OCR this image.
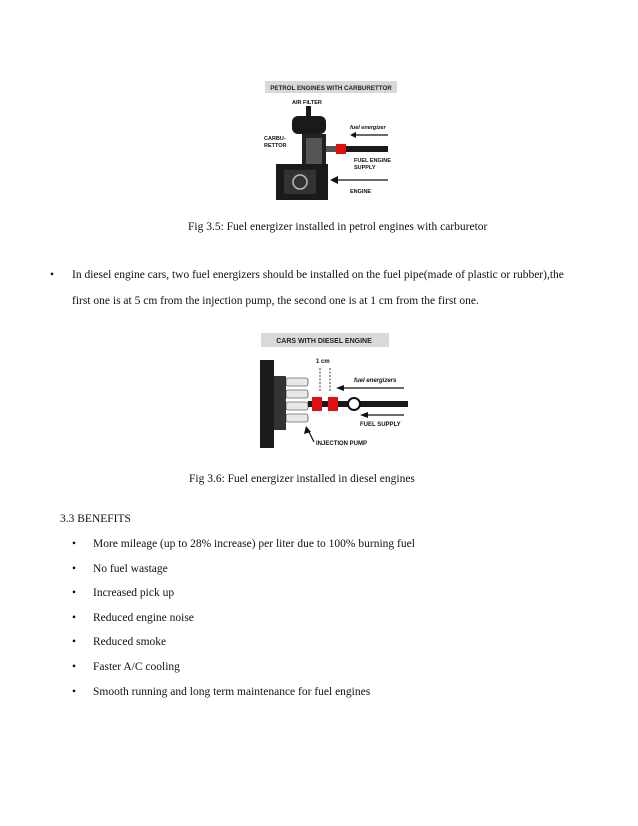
PETROL ENGINES WITH CARBURETTOR
AIR FILTER
CARBU-
RETTOR
fuel energizer
FUEL ENGINE
SUPPLY
ENGINE
Fig 3.5: Fuel energizer installed in petrol engines with carburetor
• In diesel engine cars, two fuel energizers should be installed on the fuel pipe(made of plastic or rubber),the first one is at 5 cm from the injection pump, the second one is at 1 cm from the first one.
CARS WITH DIESEL ENGINE
1 cm
fuel energizers
FUEL SUPPLY
INJECTION PUMP
Fig 3.6: Fuel energizer installed in diesel engines
3.3 BENEFITS
• More mileage (up to 28% increase) per liter due to 100% burning fuel
• No fuel wastage
• Increased pick up
• Reduced engine noise
• Reduced smoke
• Faster A/C cooling
• Smooth running and long term maintenance for fuel engines
